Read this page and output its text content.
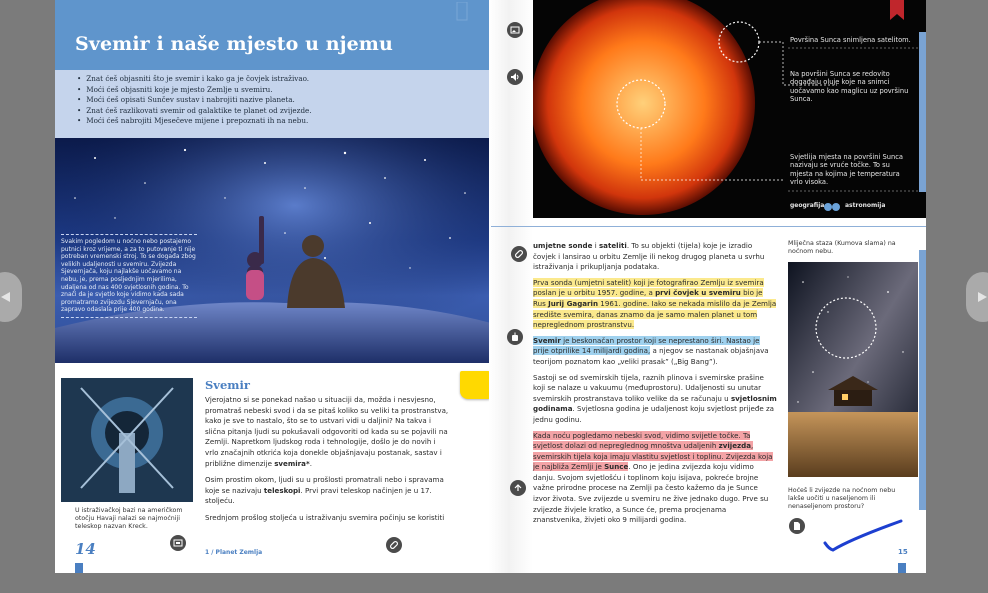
Svemir i naše mjesto u njemu
• Znat ćeš objasniti što je svemir i kako ga je čovjek istraživao.
• Moći ćeš objasniti koje je mjesto Zemlje u svemiru.
• Moći ćeš opisati Sunčev sustav i nabrojiti nazive planeta.
• Znat ćeš razlikovati svemir od galaktike te planet od zvijezde.
• Moći ćeš nabrojiti Mjesečeve mijene i prepoznati ih na nebu.
Svakim pogledom u noćno nebo postajemo putnici kroz vrijeme, a za to putovanje ti nije potreban vremenski stroj. To se događa zbog velikih udaljenosti u svemiru. Zvijezda Sjevernjača, koju najlakše uočavamo na nebu, je, prema posljednjim mjerilima, udaljena od nas 400 svjetlosnih godina. To znači da je svjetlo koje vidimo kada sada promatramo zvijezdu Sjevernjaču, ona zapravo odaslala prije 400 godina.
U istraživačkoj bazi na američkom otočju Havaji nalazi se najmoćniji teleskop nazvan Kreck.
Svemir

Vjerojatno si se ponekad našao u situaciji da, možda i nesvjesno, promatraš nebeski svod i da se pitaš koliko su veliki ta prostranstva, kako je sve to nastalo, što se to ustvari vidi u daljini? Na takva i slična pitanja ljudi su pokušavali odgovoriti od kada su se pojavili na Zemlji. Napretkom ljudskog roda i tehnologije, došlo je do novih i vrlo značajnih otkrića koja donekle objašnjavaju postanak, sastav i približne dimenzije svemira*.

Osim prostim okom, ljudi su u prošlosti promatrali nebo i spravama koje se nazivaju teleskopi. Prvi pravi teleskop načinjen je u 17. stoljeću.

Srednjom prošlog stoljeća u istraživanju svemira počinju se koristiti

14	1 / Planet Zemlja
Površina Sunca snimljena satelitom.
Na površini Sunca se redovito događaju oluje koje na snimci uočavamo kao maglicu uz površinu Sunca.
Svjetlija mjesta na površini Sunca nazivaju se vruće točke. To su mjesta na kojima je temperatura vrlo visoka.
geografija	astronomija

umjetne sonde i sateliti. To su objekti (tijela) koje je izradio čovjek i lansirao u orbitu Zemlje ili nekog drugog planeta u svrhu istraživanja i prikupljanja podataka.

Prva sonda (umjetni satelit) koji je fotografirao Zemlju iz svemira poslan je u orbitu 1957. godine, a prvi čovjek u svemiru bio je Rus Jurij Gagarin 1961. godine. Iako se nekada mislilo da je Zemlja središte svemira, danas znamo da je samo malen planet u tom nepreglednom prostranstvu.

Svemir je beskonačan prostor koji se neprestano širi. Nastao je prije otprilike 14 milijardi godina, a njegov se nastanak objašnjava teorijom poznatom kao „veliki prasak” („Big Bang”).

Sastoji se od svemirskih tijela, raznih plinova i svemirske prašine koji se nalaze u vakuumu (međuprostoru). Udaljenosti su unutar svemirskih prostranstava toliko velike da se računaju u svjetlosnim godinama. Svjetlosna godina je udaljenost koju svjetlost prijeđe za jednu godinu.

Kada noću pogledamo nebeski svod, vidimo svijetle točke. Ta svjetlost dolazi od nepreglednog mnoštva udaljenih zvijezda, svemirskih tijela koja imaju vlastitu svjetlost i toplinu. Zvijezda koja je najbliža Zemlji je Sunce. Ono je jedina zvijezda koju vidimo danju. Svojom svjetlošću i toplinom koju isijava, pokreće brojne važne prirodne procese na Zemlji pa često kažemo da je Sunce izvor života. Sve zvijezde u svemiru ne žive jednako dugo. Prve su zvijezde živjele kratko, a Sunce će, prema procjenama znanstvenika, živjeti oko 9 milijardi godina.

Mliječna staza (Kumova slama) na noćnom nebu.
Hoćeš li zvijezde na noćnom nebu lakše uočiti u naseljenom ili nenaseljenom prostoru?
15
